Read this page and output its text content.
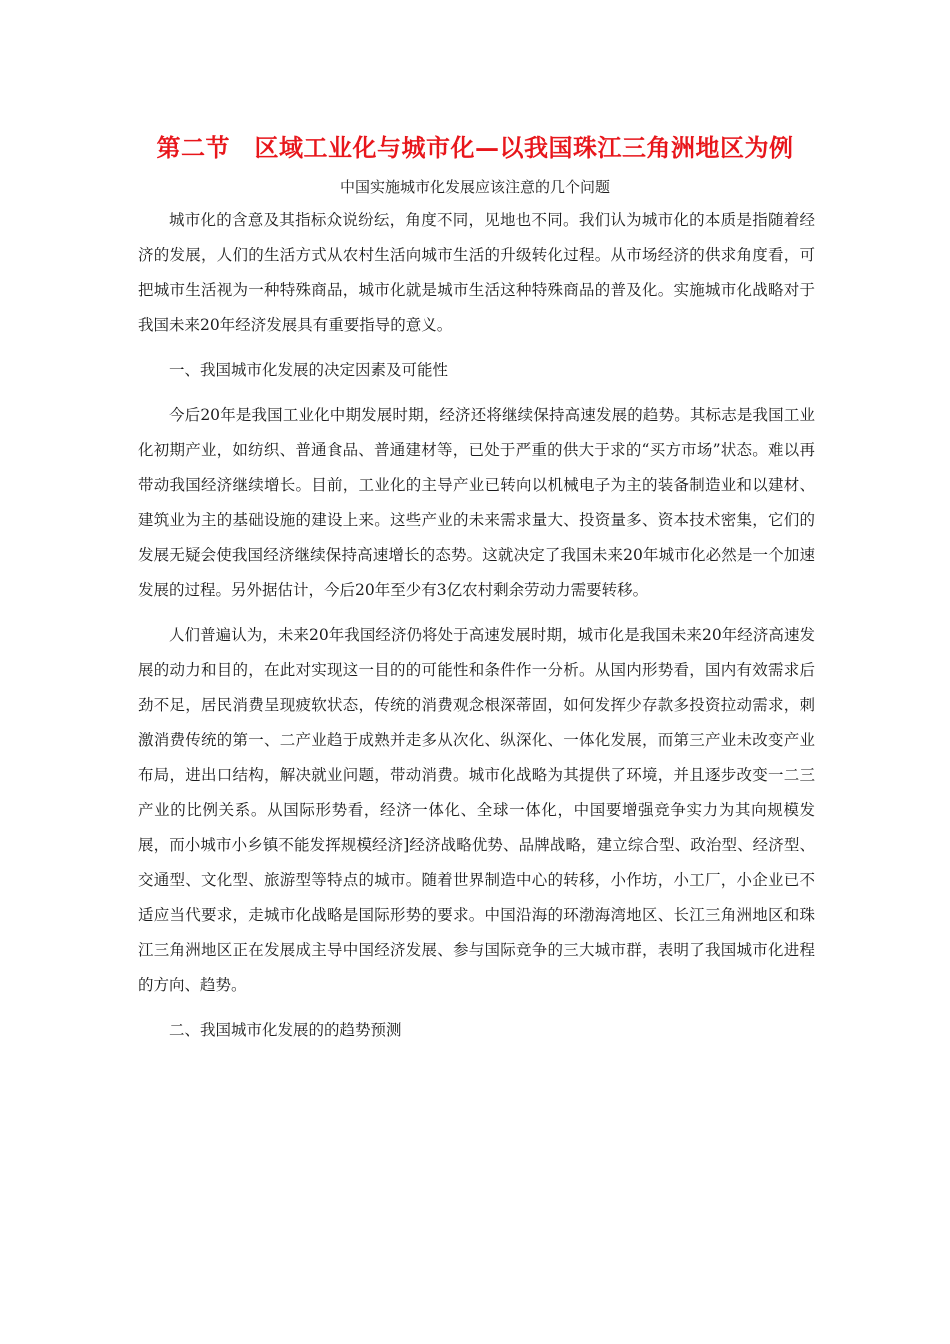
第二节　区域工业化与城市化—以我国珠江三角洲地区为例
中国实施城市化发展应该注意的几个问题

城市化的含意及其指标众说纷纭，角度不同，见地也不同。我们认为城市化的本质是指随着经济的发展，人们的生活方式从农村生活向城市生活的升级转化过程。从市场经济的供求角度看，可把城市生活视为一种特殊商品，城市化就是城市生活这种特殊商品的普及化。实施城市化战略对于我国未来20年经济发展具有重要指导的意义。

一、我国城市化发展的决定因素及可能性

今后20年是我国工业化中期发展时期，经济还将继续保持高速发展的趋势。其标志是我国工业化初期产业，如纺织、普通食品、普通建材等，已处于严重的供大于求的“买方市场”状态。难以再带动我国经济继续增长。目前，工业化的主导产业已转向以机械电子为主的装备制造业和以建材、建筑业为主的基础设施的建设上来。这些产业的未来需求量大、投资量多、资本技术密集，它们的发展无疑会使我国经济继续保持高速增长的态势。这就决定了我国未来20年城市化必然是一个加速发展的过程。另外据估计，今后20年至少有3亿农村剩余劳动力需要转移。

人们普遍认为，未来20年我国经济仍将处于高速发展时期，城市化是我国未来20年经济高速发展的动力和目的，在此对实现这一目的的可能性和条件作一分析。从国内形势看，国内有效需求后劲不足，居民消费呈现疲软状态，传统的消费观念根深蒂固，如何发挥少存款多投资拉动需求，刺激消费传统的第一、二产业趋于成熟并走多从次化、纵深化、一体化发展，而第三产业未改变产业布局，进出口结构，解决就业问题，带动消费。城市化战略为其提供了环境，并且逐步改变一二三产业的比例关系。从国际形势看，经济一体化、全球一体化，中国要增强竞争实力为其向规模发展，而小城市小乡镇不能发挥规模经济]经济战略优势、品牌战略，建立综合型、政治型、经济型、交通型、文化型、旅游型等特点的城市。随着世界制造中心的转移，小作坊，小工厂，小企业已不适应当代要求，走城市化战略是国际形势的要求。中国沿海的环渤海湾地区、长江三角洲地区和珠江三角洲地区正在发展成主导中国经济发展、参与国际竞争的三大城市群，表明了我国城市化进程的方向、趋势。

二、我国城市化发展的的趋势预测
